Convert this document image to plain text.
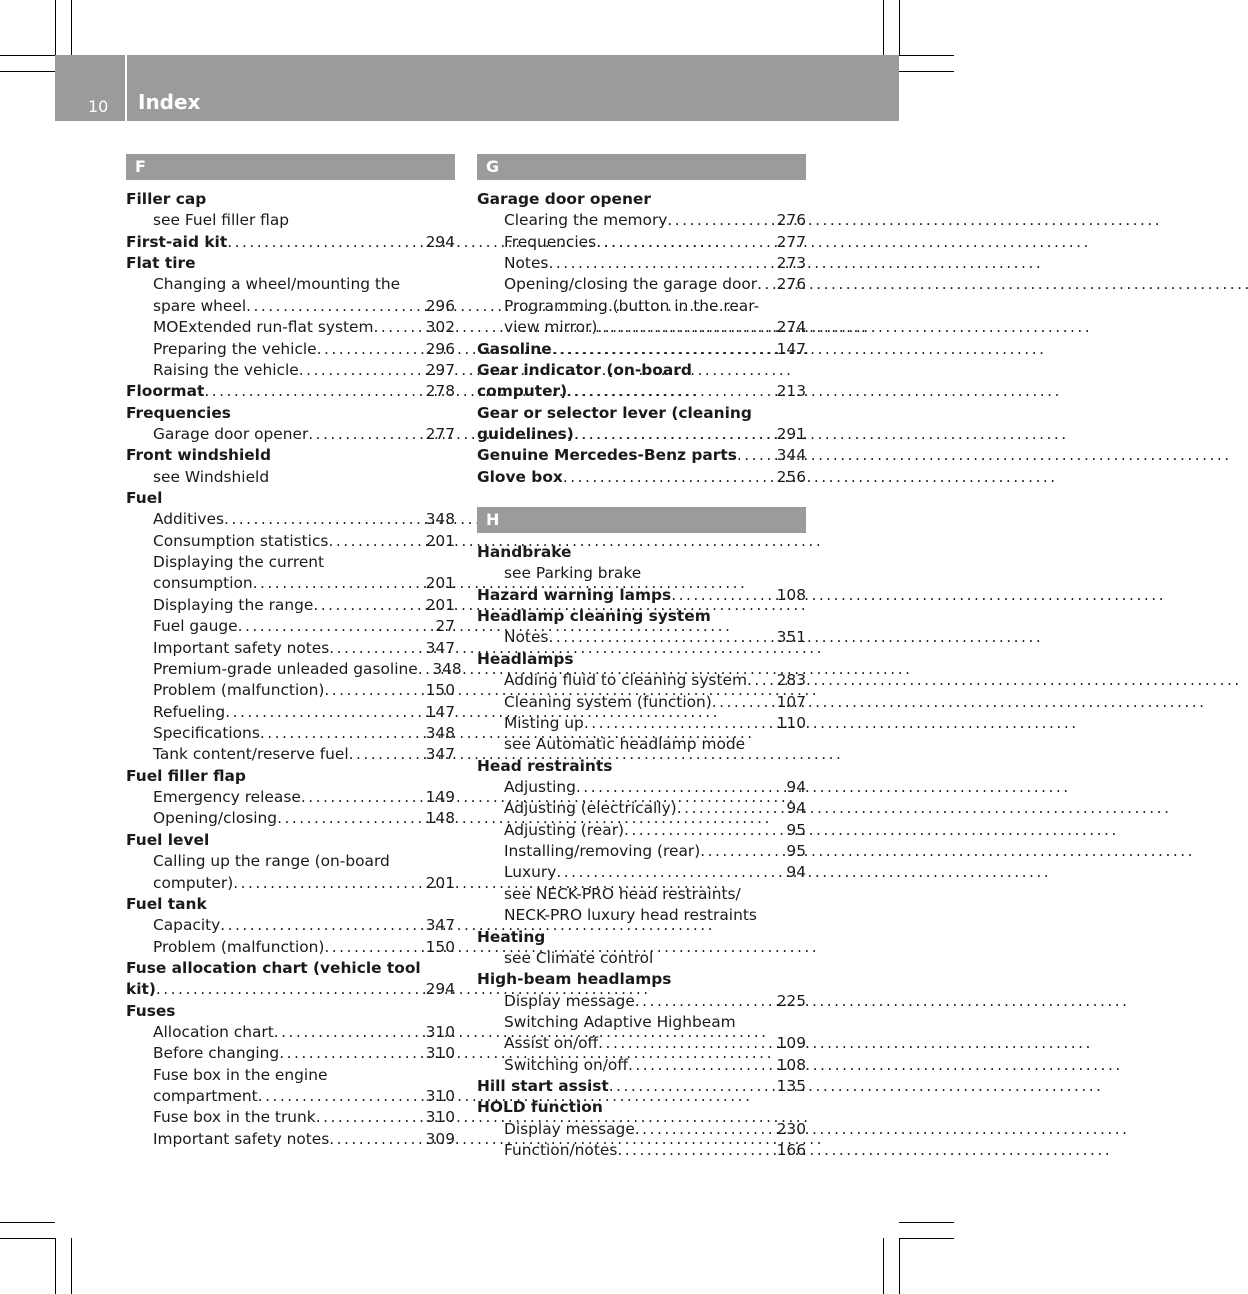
10 Index
F
Filler cap
see Fuel filler flap
First-aid kit . . .	294
Flat tire
Changing a wheel/mounting the
spare wheel . . .	296
MOExtended run-flat system . . .	302
Preparing the vehicle . . .	296
Raising the vehicle . . .	297
Floormat . . .	278
Frequencies
Garage door opener . . .	277
Front windshield
see Windshield
Fuel
Additives . . .	348
Consumption statistics . . .	201
Displaying the current
consumption . . .	201
Displaying the range . . .	201
Fuel gauge . . .	27
Important safety notes . . .	347
Premium-grade unleaded gasoline . . . 348
Problem (malfunction) . . .	150
Refueling . . .	147
Specifications . . .	348
Tank content/reserve fuel . . .	347
Fuel filler flap
Emergency release . . .	149
Opening/closing . . .	148
Fuel level
Calling up the range (on-board
computer) . . .	201
Fuel tank
Capacity . . .	347
Problem (malfunction) . . .	150
Fuse allocation chart (vehicle tool
kit) . . .	294
Fuses
Allocation chart . . .	310
Before changing . . .	310
Fuse box in the engine
compartment . . .	310
Fuse box in the trunk . . .	310
Important safety notes . . .	309
G
Garage door opener
Clearing the memory . . .	276
Frequencies . . .	277
Notes . . .	273
Opening/closing the garage door . . .	276
Programming (button in the rear-
view mirror) . . .	274
Gasoline . . .	147
Gear indicator (on-board
computer) . . .	213
Gear or selector lever (cleaning
guidelines) . . .	291
Genuine Mercedes-Benz parts . . .	344
Glove box . . .	256
H
Handbrake
see Parking brake
Hazard warning lamps . . .	108
Headlamp cleaning system
Notes . . .	351
Headlamps
Adding fluid to cleaning system . . .	283
Cleaning system (function) . . .	107
Misting up . . .	110
see Automatic headlamp mode
Head restraints
Adjusting . . .	94
Adjusting (electrically) . . .	94
Adjusting (rear) . . .	95
Installing/removing (rear) . . .	95
Luxury . . .	94
see NECK-PRO head restraints/
NECK-PRO luxury head restraints
Heating
see Climate control
High-beam headlamps
Display message . . .	225
Switching Adaptive Highbeam
Assist on/off . . .	109
Switching on/off . . .	108
Hill start assist . . .	135
HOLD function
Display message . . .	230
Function/notes . . .	166
